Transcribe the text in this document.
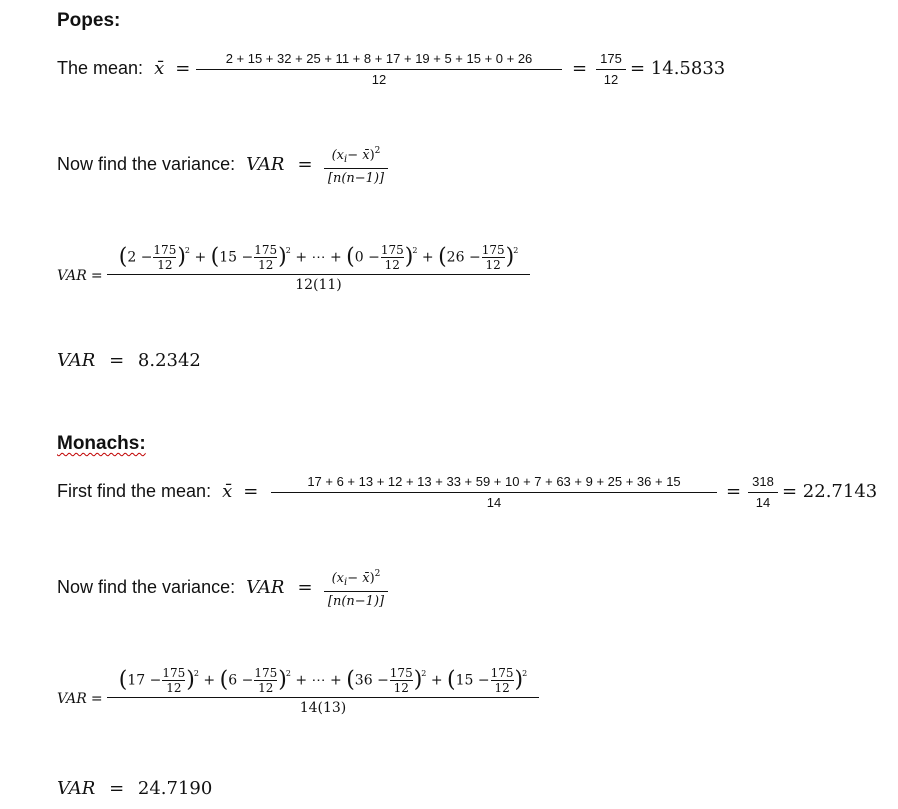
Popes:
The mean: x̄ =	2 + 15 + 32 + 25 + 11 + 8 + 17 + 19 + 5 + 15 + 0 + 26
12
= 175
12
= 14.5833
Now find the variance: VAR = ($x_i-$ x̄)$^2$
[n(n−1)]
VAR =
$(2 - \frac{175}{12} )^2 + (15 - \frac{175}{12} )^2$ + ⋯ + $(0 - \frac{175}{12} )^2 + (26 - \frac{175}{12} )^2$
12(11)
VAR = 8.2342
Monachs:
First find the mean: x̄ =	17 + 6 + 13 + 12 + 13 + 33 + 59 + 10 + 7 + 63 + 9 + 25 + 36 + 15
14
= 318
14
= 22.7143
Now find the variance: VAR = ($x_i-$ x̄)$^2$
[n(n−1)]
VAR =
$(17 - \frac{175}{12} )^2 + (6 - \frac{175}{12} )^2$ + ⋯ + $(36 - \frac{175}{12} )^2 + (15 - \frac{175}{12} )^2$
14(13)
VAR = 24.7190
